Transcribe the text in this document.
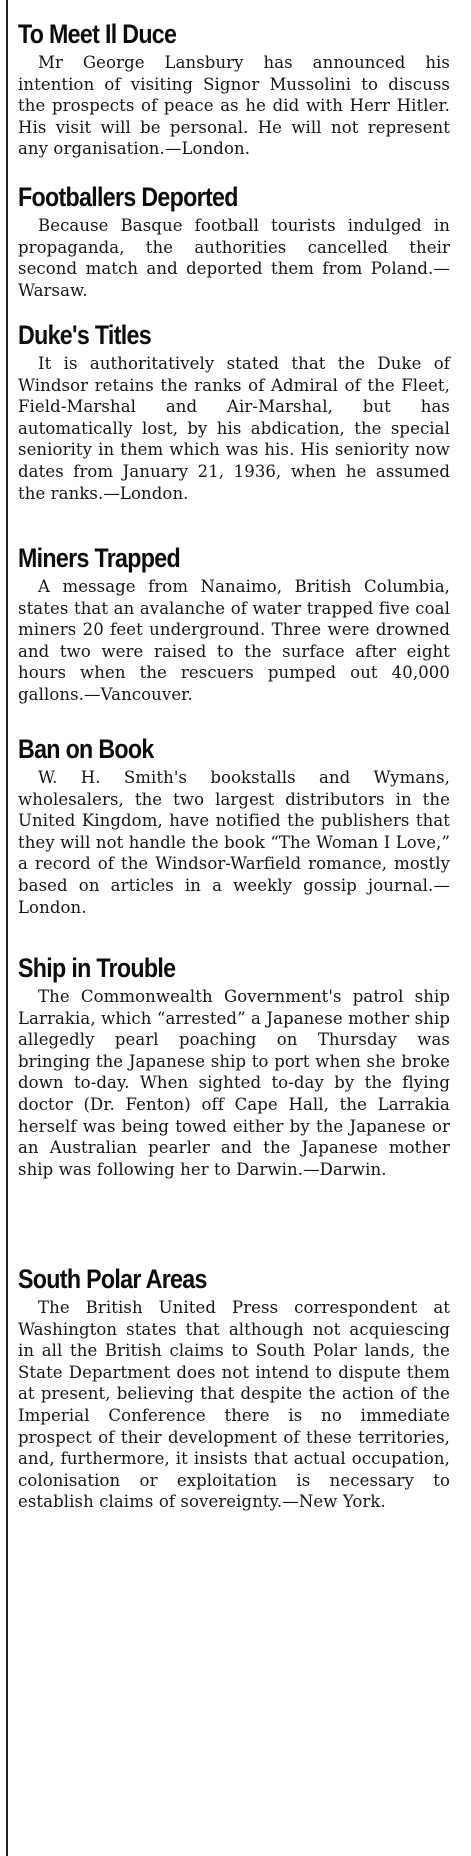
To Meet Il Duce

Mr George Lansbury has announced his intention of visiting Signor Mussolini to discuss the prospects of peace as he did with Herr Hitler. His visit will be personal. He will not represent any organisation.—London.

Footballers Deported

Because Basque football tourists indulged in propaganda, the authorities cancelled their second match and deported them from Poland.—Warsaw.

Duke's Titles

It is authoritatively stated that the Duke of Windsor retains the ranks of Admiral of the Fleet, Field-Marshal and Air-Marshal, but has automatically lost, by his abdication, the special seniority in them which was his. His seniority now dates from January 21, 1936, when he assumed the ranks.—London.

Miners Trapped

A message from Nanaimo, British Columbia, states that an avalanche of water trapped five coal miners 20 feet underground. Three were drowned and two were raised to the surface after eight hours when the rescuers pumped out 40,000 gallons.—Vancouver.

Ban on Book

W. H. Smith's bookstalls and Wymans, wholesalers, the two largest distributors in the United Kingdom, have notified the publishers that they will not handle the book “The Woman I Love,” a record of the Windsor-Warfield romance, mostly based on articles in a weekly gossip journal.—London.

Ship in Trouble

The Commonwealth Government's patrol ship Larrakia, which “arrested” a Japanese mother ship allegedly pearl poaching on Thursday was bringing the Japanese ship to port when she broke down to-day. When sighted to-day by the flying doctor (Dr. Fenton) off Cape Hall, the Larrakia herself was being towed either by the Japanese or an Australian pearler and the Japanese mother ship was following her to Darwin.—Darwin.

South Polar Areas

The British United Press correspondent at Washington states that although not acquiescing in all the British claims to South Polar lands, the State Department does not intend to dispute them at present, believing that despite the action of the Imperial Conference there is no immediate prospect of their development of these territories, and, furthermore, it insists that actual occupation, colonisation or exploitation is necessary to establish claims of sovereignty.—New York.
